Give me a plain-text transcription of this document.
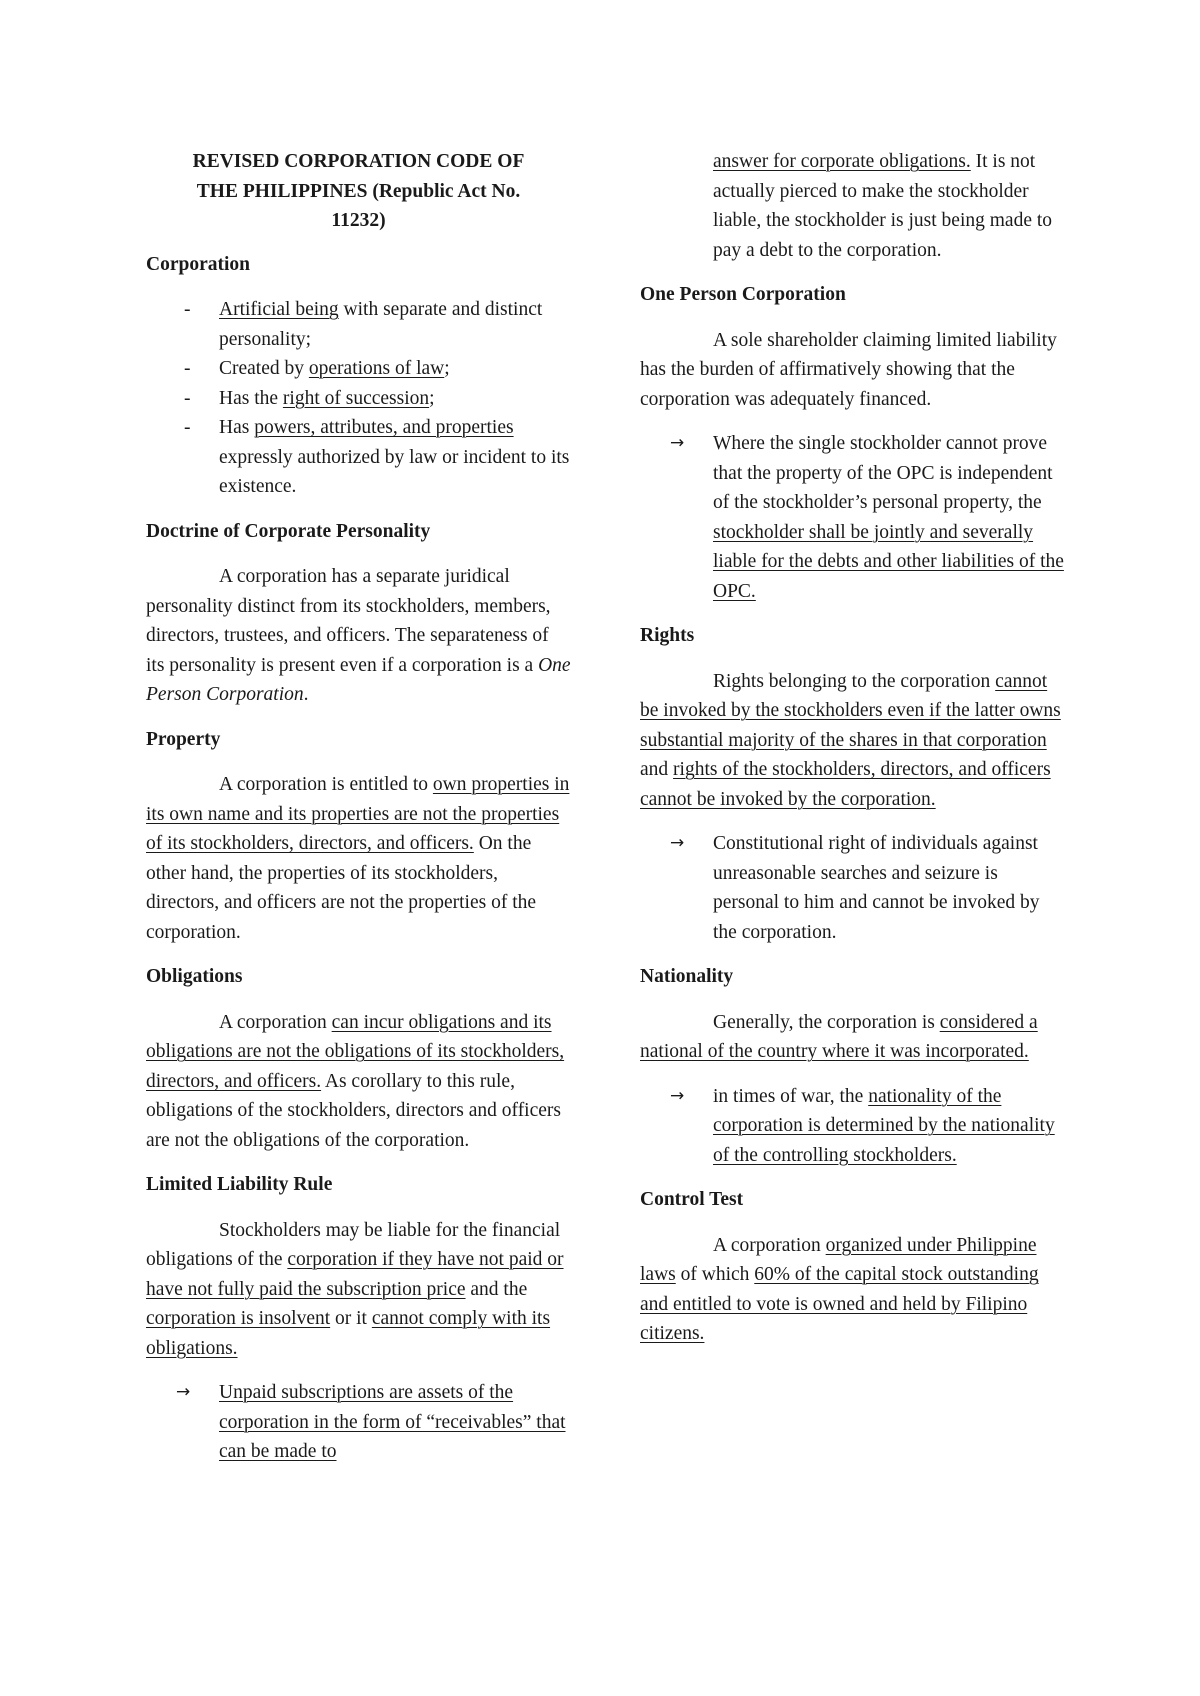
REVISED CORPORATION CODE OF
THE PHILIPPINES (Republic Act No.
11232)
Corporation
- Artificial being with separate and distinct personality;
- Created by operations of law;
- Has the right of succession;
- Has powers, attributes, and properties expressly authorized by law or incident to its existence.
Doctrine of Corporate Personality

A corporation has a separate juridical personality distinct from its stockholders, members, directors, trustees, and officers. The separateness of its personality is present even if a corporation is a One Person Corporation.

Property

A corporation is entitled to own properties in its own name and its properties are not the properties of its stockholders, directors, and officers. On the other hand, the properties of its stockholders, directors, and officers are not the properties of the corporation.

Obligations

A corporation can incur obligations and its obligations are not the obligations of its stockholders, directors, and officers. As corollary to this rule, obligations of the stockholders, directors and officers are not the obligations of the corporation.

Limited Liability Rule

Stockholders may be liable for the financial obligations of the corporation if they have not paid or have not fully paid the subscription price and the corporation is insolvent or it cannot comply with its obligations.

→ Unpaid subscriptions are assets of the corporation in the form of “receivables” that can be made to
answer for corporate obligations. It is not actually pierced to make the stockholder liable, the stockholder is just being made to pay a debt to the corporation.
One Person Corporation

A sole shareholder claiming limited liability has the burden of affirmatively showing that the corporation was adequately financed.

→ Where the single stockholder cannot prove that the property of the OPC is independent of the stockholder’s personal property, the stockholder shall be jointly and severally liable for the debts and other liabilities of the OPC.
Rights

Rights belonging to the corporation cannot be invoked by the stockholders even if the latter owns substantial majority of the shares in that corporation and rights of the stockholders, directors, and officers cannot be invoked by the corporation.

→ Constitutional right of individuals against unreasonable searches and seizure is personal to him and cannot be invoked by the corporation.
Nationality

Generally, the corporation is considered a national of the country where it was incorporated.

→ in times of war, the nationality of the corporation is determined by the nationality of the controlling stockholders.
Control Test

A corporation organized under Philippine laws of which 60% of the capital stock outstanding and entitled to vote is owned and held by Filipino citizens.
